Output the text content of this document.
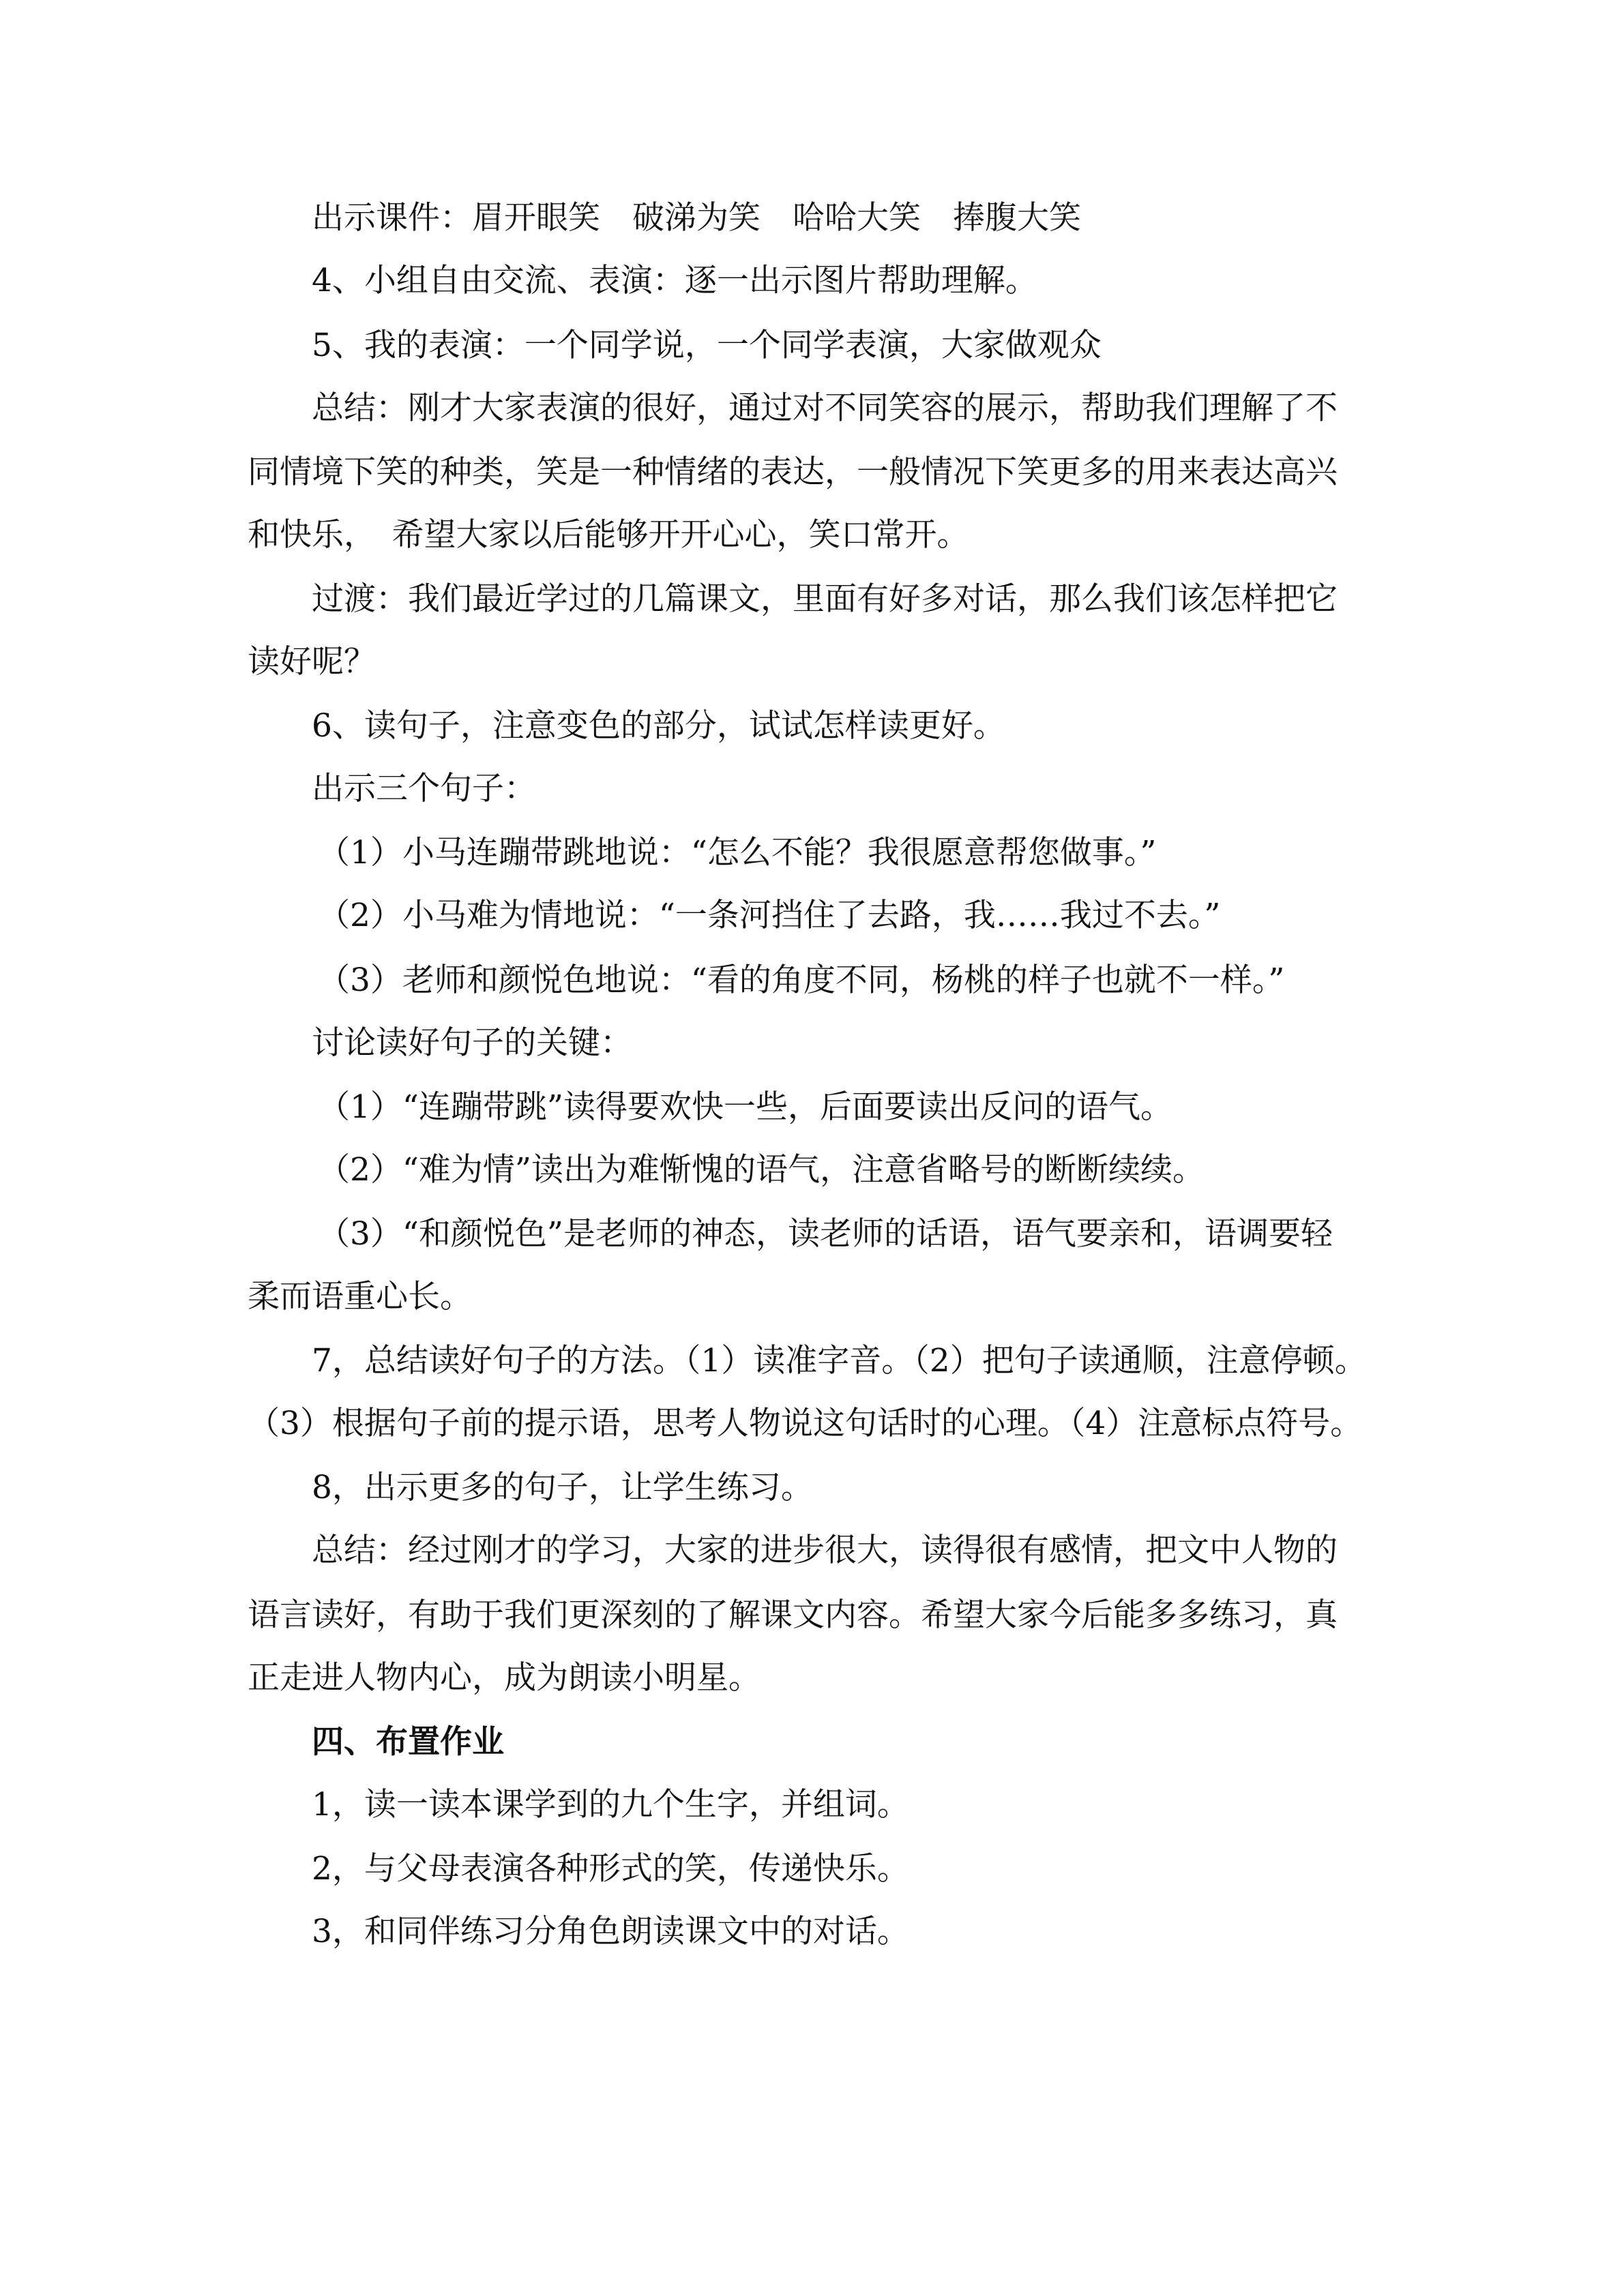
出示课件：眉开眼笑　破涕为笑　哈哈大笑　捧腹大笑
4、小组自由交流、表演：逐一出示图片帮助理解。
5、我的表演：一个同学说，一个同学表演，大家做观众
总结：刚才大家表演的很好，通过对不同笑容的展示，帮助我们理解了不
同情境下笑的种类，笑是一种情绪的表达，一般情况下笑更多的用来表达高兴
和快乐，　希望大家以后能够开开心心，笑口常开。
过渡：我们最近学过的几篇课文，里面有好多对话，那么我们该怎样把它
读好呢？
6、读句子，注意变色的部分，试试怎样读更好。
出示三个句子：
（1）小马连蹦带跳地说：“怎么不能？我很愿意帮您做事。”
（2）小马难为情地说：“一条河挡住了去路，我……我过不去。”
（3）老师和颜悦色地说：“看的角度不同，杨桃的样子也就不一样。”
讨论读好句子的关键：
（1）“连蹦带跳”读得要欢快一些，后面要读出反问的语气。
（2）“难为情”读出为难惭愧的语气，注意省略号的断断续续。
（3）“和颜悦色”是老师的神态，读老师的话语，语气要亲和，语调要轻
柔而语重心长。
7，总结读好句子的方法。（1）读准字音。（2）把句子读通顺，注意停顿。
（3）根据句子前的提示语，思考人物说这句话时的心理。（4）注意标点符号。
8，出示更多的句子，让学生练习。
总结：经过刚才的学习，大家的进步很大，读得很有感情，把文中人物的
语言读好，有助于我们更深刻的了解课文内容。希望大家今后能多多练习，真
正走进人物内心，成为朗读小明星。
四、布置作业
1，读一读本课学到的九个生字，并组词。
2，与父母表演各种形式的笑，传递快乐。
3，和同伴练习分角色朗读课文中的对话。
